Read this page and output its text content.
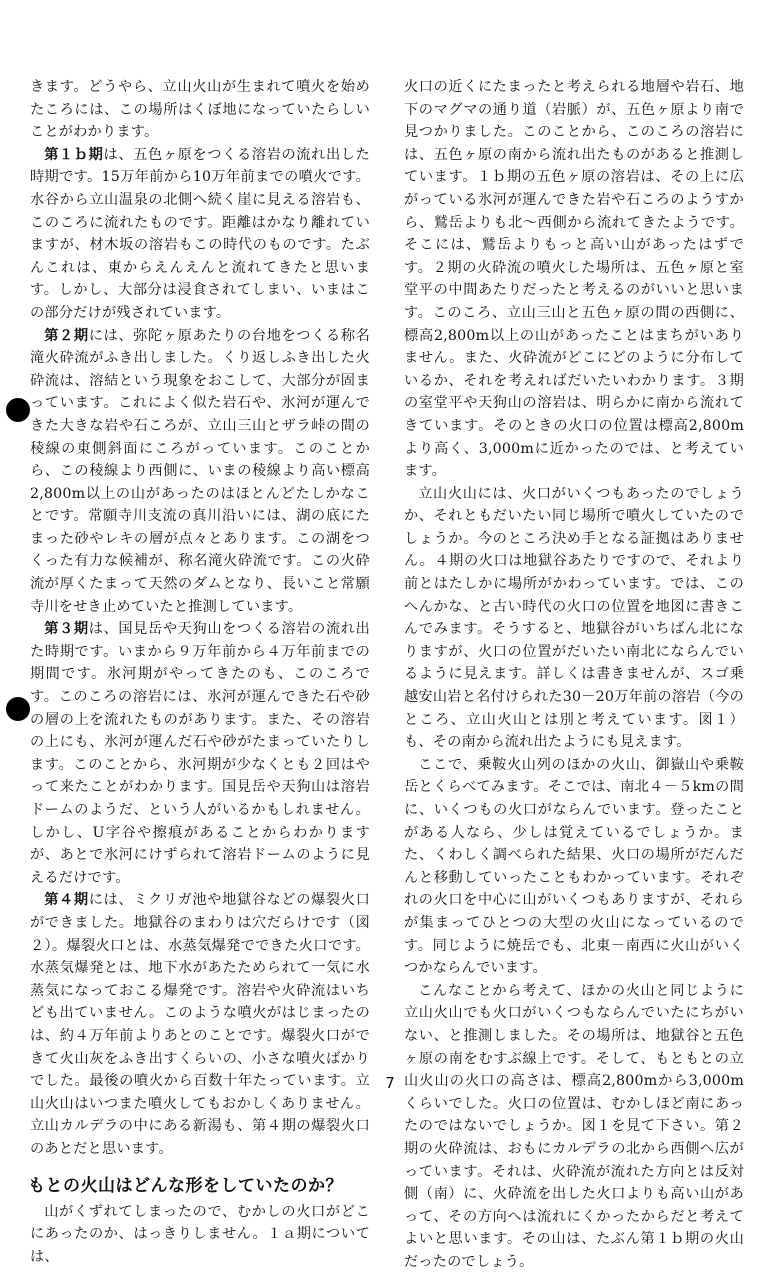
きます。どうやら、立山火山が生まれて噴火を始めたころには、この場所はくぼ地になっていたらしいことがわかります。

第１ｂ期は、五色ヶ原をつくる溶岩の流れ出した時期です。15万年前から10万年前までの噴火です。水谷から立山温泉の北側へ続く崖に見える溶岩も、このころに流れたものです。距離はかなり離れていますが、材木坂の溶岩もこの時代のものです。たぶんこれは、東からえんえんと流れてきたと思います。しかし、大部分は浸食されてしまい、いまはこの部分だけが残されています。

第２期には、弥陀ヶ原あたりの台地をつくる称名滝火砕流がふき出しました。くり返しふき出した火砕流は、溶結という現象をおこして、大部分が固まっています。これによく似た岩石や、氷河が運んできた大きな岩や石ころが、立山三山とザラ峠の間の稜線の東側斜面にころがっています。このことから、この稜線より西側に、いまの稜線より高い標高2,800m以上の山があったのはほとんどたしかなことです。常願寺川支流の真川沿いには、湖の底にたまった砂やレキの層が点々とあります。この湖をつくった有力な候補が、称名滝火砕流です。この火砕流が厚くたまって天然のダムとなり、長いこと常願寺川をせき止めていたと推測しています。

第３期は、国見岳や天狗山をつくる溶岩の流れ出た時期です。いまから９万年前から４万年前までの期間です。氷河期がやってきたのも、このころです。このころの溶岩には、氷河が運んできた石や砂の層の上を流れたものがあります。また、その溶岩の上にも、氷河が運んだ石や砂がたまっていたりします。このことから、氷河期が少なくとも２回はやって来たことがわかります。国見岳や天狗山は溶岩ドームのようだ、という人がいるかもしれません。しかし、U字谷や擦痕があることからわかりますが、あとで氷河にけずられて溶岩ドームのように見えるだけです。

第４期には、ミクリガ池や地獄谷などの爆裂火口ができました。地獄谷のまわりは穴だらけです（図２）。爆裂火口とは、水蒸気爆発でできた火口です。水蒸気爆発とは、地下水があたためられて一気に水蒸気になっておこる爆発です。溶岩や火砕流はいちども出ていません。このような噴火がはじまったのは、約４万年前よりあとのことです。爆裂火口ができて火山灰をふき出すくらいの、小さな噴火ばかりでした。最後の噴火から百数十年たっています。立山火山はいつまた噴火してもおかしくありません。立山カルデラの中にある新湯も、第４期の爆裂火口のあとだと思います。

もとの火山はどんな形をしていたのか？

山がくずれてしまったので、むかしの火口がどこにあったのか、はっきりしません。１ａ期については、

火口の近くにたまったと考えられる地層や岩石、地下のマグマの通り道（岩脈）が、五色ヶ原より南で見つかりました。このことから、このころの溶岩には、五色ヶ原の南から流れ出たものがあると推測しています。１ｂ期の五色ヶ原の溶岩は、その上に広がっている氷河が運んできた岩や石ころのようすから、鷲岳よりも北～西側から流れてきたようです。そこには、鷲岳よりもっと高い山があったはずです。２期の火砕流の噴火した場所は、五色ヶ原と室堂平の中間あたりだったと考えるのがいいと思います。このころ、立山三山と五色ヶ原の間の西側に、標高2,800m以上の山があったことはまちがいありません。また、火砕流がどこにどのように分布しているか、それを考えればだいたいわかります。３期の室堂平や天狗山の溶岩は、明らかに南から流れてきています。そのときの火口の位置は標高2,800mより高く、3,000mに近かったのでは、と考えています。

立山火山には、火口がいくつもあったのでしょうか、それともだいたい同じ場所で噴火していたのでしょうか。今のところ決め手となる証拠はありません。４期の火口は地獄谷あたりですので、それより前とはたしかに場所がかわっています。では、このへんかな、と古い時代の火口の位置を地図に書きこんでみます。そうすると、地獄谷がいちばん北になりますが、火口の位置がだいたい南北にならんでいるように見えます。詳しくは書きませんが、スゴ乗越安山岩と名付けられた30－20万年前の溶岩（今のところ、立山火山とは別と考えています。図１）も、その南から流れ出たようにも見えます。

ここで、乗鞍火山列のほかの火山、御嶽山や乗鞍岳とくらべてみます。そこでは、南北４－５kmの間に、いくつもの火口がならんでいます。登ったことがある人なら、少しは覚えているでしょうか。また、くわしく調べられた結果、火口の場所がだんだんと移動していったこともわかっています。それぞれの火口を中心に山がいくつもありますが、それらが集まってひとつの大型の火山になっているのです。同じように焼岳でも、北東－南西に火山がいくつかならんでいます。

こんなことから考えて、ほかの火山と同じように立山火山でも火口がいくつもならんでいたにちがいない、と推測しました。その場所は、地獄谷と五色ヶ原の南をむすぶ線上です。そして、もともとの立山火山の火口の高さは、標高2,800mから3,000mくらいでした。火口の位置は、むかしほど南にあったのではないでしょうか。図１を見て下さい。第２期の火砕流は、おもにカルデラの北から西側へ広がっています。それは、火砕流が流れた方向とは反対側（南）に、火砕流を出した火口よりも高い山があって、その方向へは流れにくかったからだと考えてよいと思います。その山は、たぶん第１ｂ期の火山だったのでしょう。

7
